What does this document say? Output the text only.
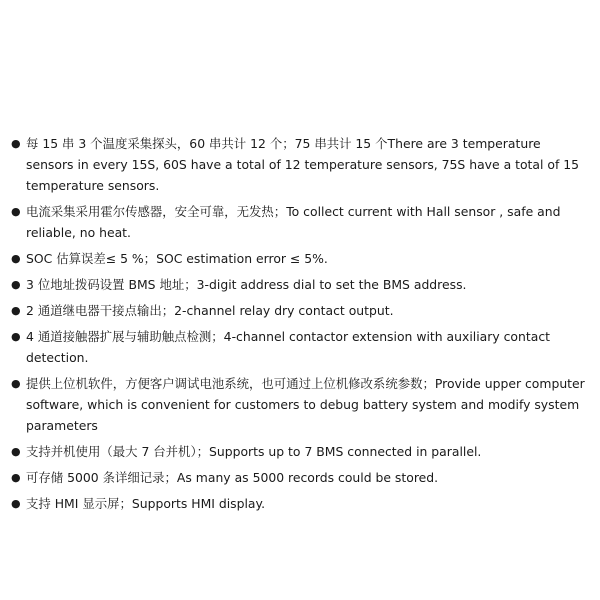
● 每 15 串 3 个温度采集探头，60 串共计 12 个；75 串共计 15 个There are 3 temperature sensors in every 15S, 60S have a total of 12 temperature sensors, 75S have a total of 15 temperature sensors.
● 电流采集采用霍尔传感器，安全可靠，无发热；To collect current with Hall sensor , safe and reliable, no heat.
● SOC 估算误差≤ 5 %；SOC estimation error ≤ 5%.
● 3 位地址拨码设置 BMS 地址；3-digit address dial to set the BMS address.
● 2 通道继电器干接点输出；2-channel relay dry contact output.
● 4 通道接触器扩展与辅助触点检测；4-channel contactor extension with auxiliary contact detection.
● 提供上位机软件，方便客户调试电池系统，也可通过上位机修改系统参数；Provide upper computer software, which is convenient for customers to debug battery system and modify system parameters
● 支持并机使用（最大 7 台并机）；Supports up to 7 BMS connected in parallel.
● 可存储 5000 条详细记录；As many as 5000 records could be stored.
● 支持 HMI 显示屏；Supports HMI display.
